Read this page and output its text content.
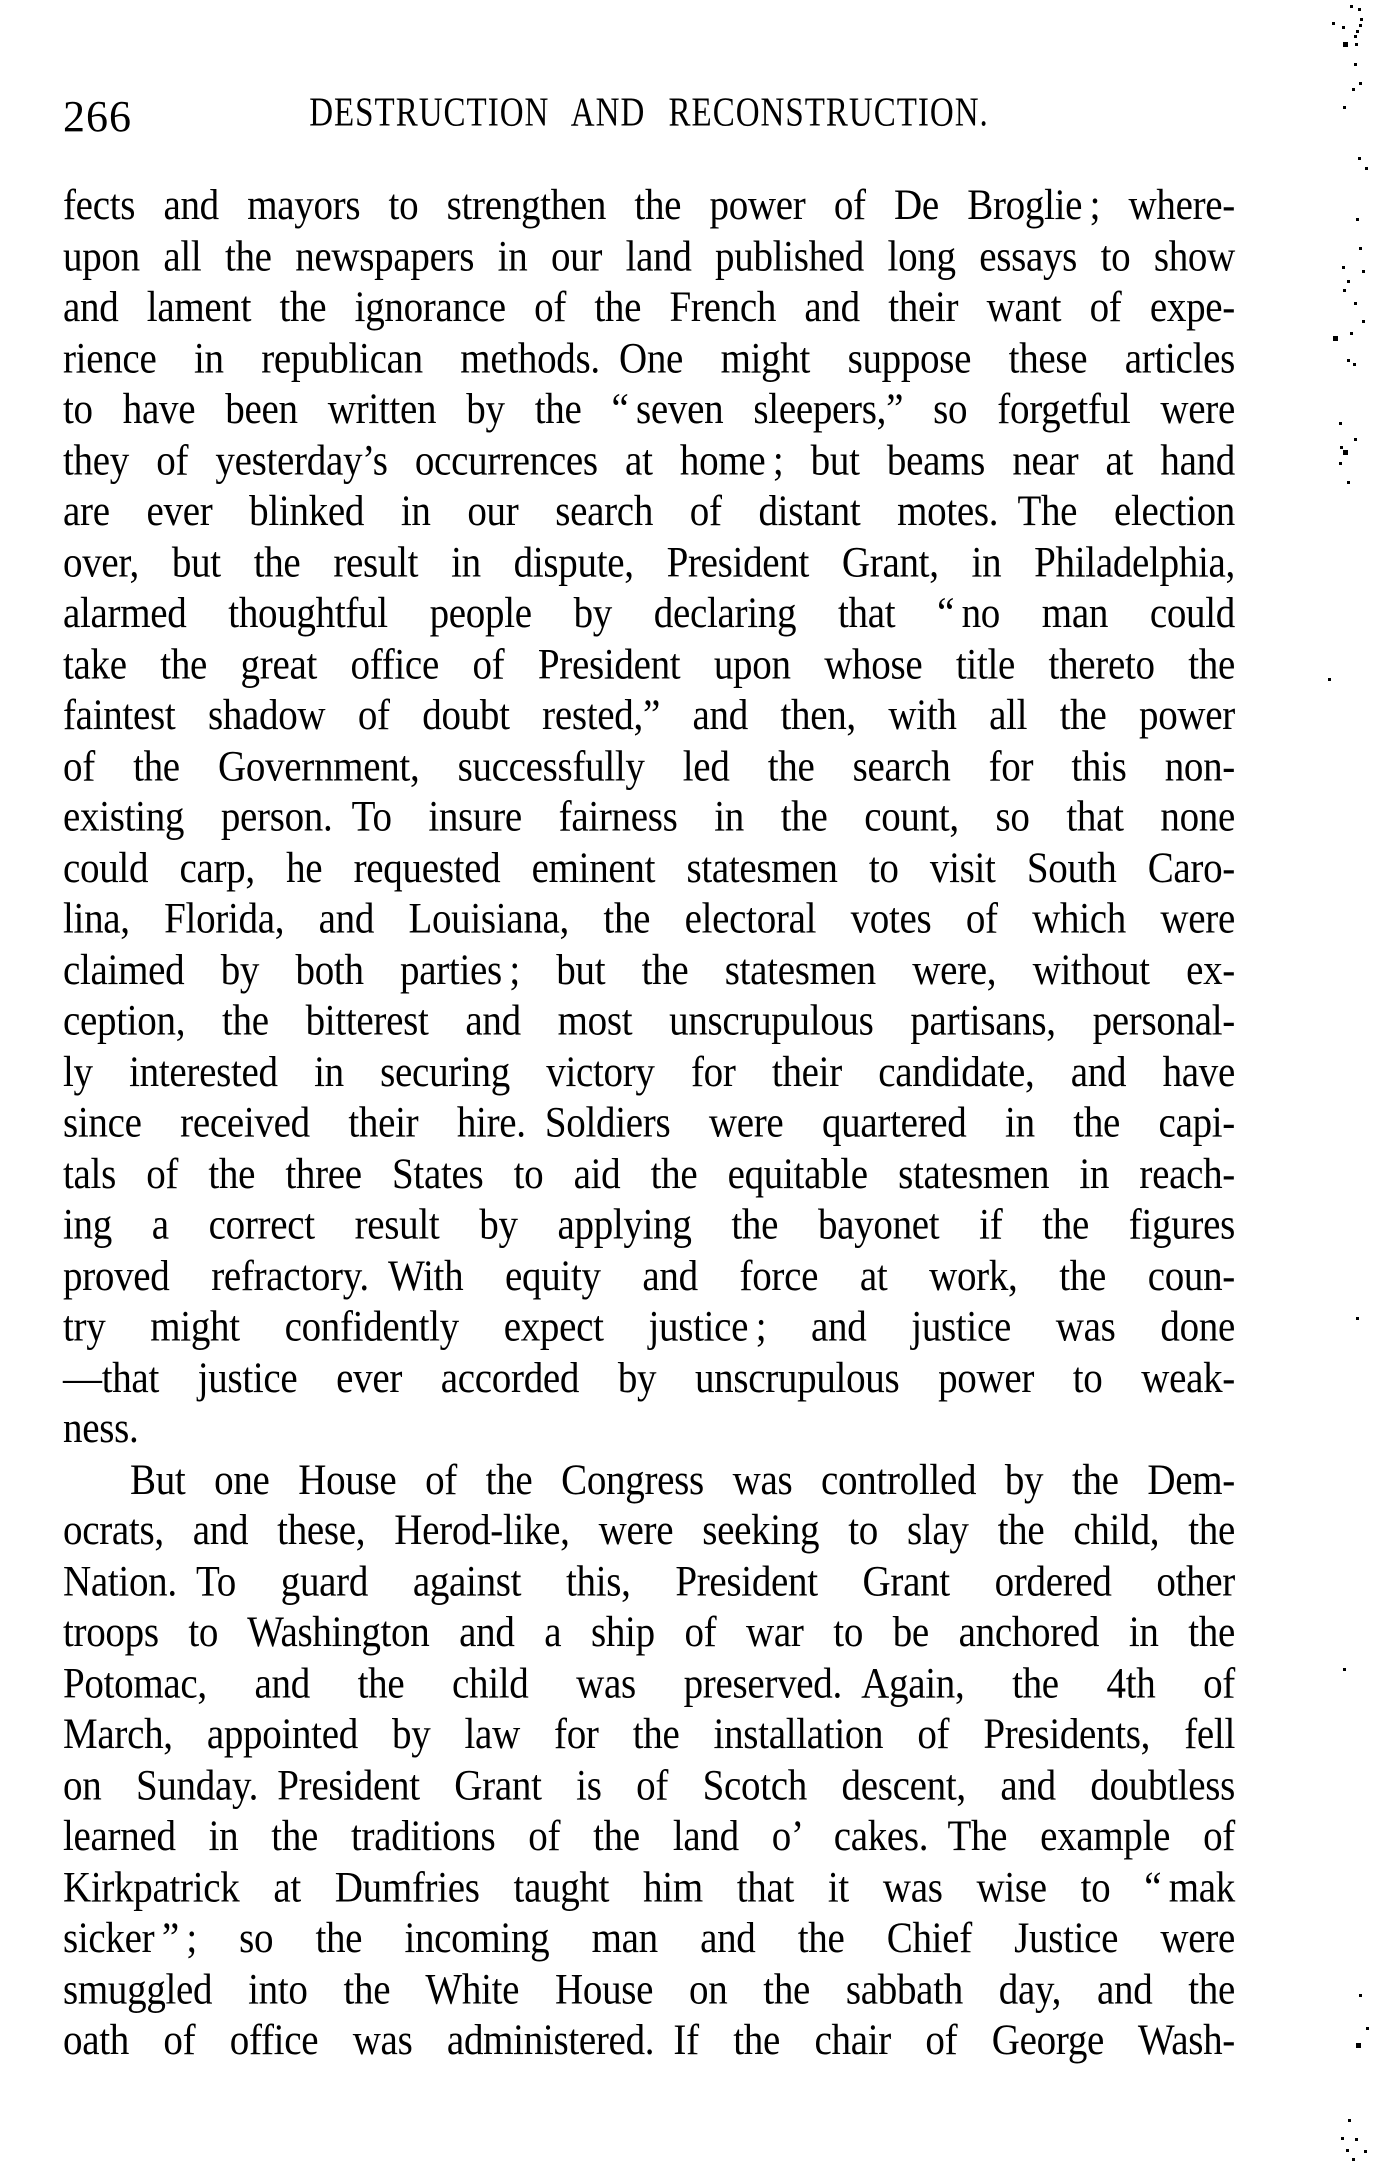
266	DESTRUCTION AND RECONSTRUCTION.
fects and mayors to strengthen the power of De Broglie ; where-
upon all the newspapers in our land published long essays to show
and lament the ignorance of the French and their want of expe-
rience in republican methods. One might suppose these articles
to have been written by the “ seven sleepers,” so forgetful were
they of yesterday’s occurrences at home ; but beams near at hand
are ever blinked in our search of distant motes. The election
over, but the result in dispute, President Grant, in Philadelphia,
alarmed thoughtful people by declaring that “ no man could
take the great office of President upon whose title thereto the
faintest shadow of doubt rested,” and then, with all the power
of the Government, successfully led the search for this non-
existing person. To insure fairness in the count, so that none
could carp, he requested eminent statesmen to visit South Caro-
lina, Florida, and Louisiana, the electoral votes of which were
claimed by both parties ; but the statesmen were, without ex-
ception, the bitterest and most unscrupulous partisans, personal-
ly interested in securing victory for their candidate, and have
since received their hire. Soldiers were quartered in the capi-
tals of the three States to aid the equitable statesmen in reach-
ing a correct result by applying the bayonet if the figures
proved refractory. With equity and force at work, the coun-
try might confidently expect justice ; and justice was done
—that justice ever accorded by unscrupulous power to weak-
ness.
But one House of the Congress was controlled by the Dem-
ocrats, and these, Herod-like, were seeking to slay the child, the
Nation. To guard against this, President Grant ordered other
troops to Washington and a ship of war to be anchored in the
Potomac, and the child was preserved. Again, the 4th of
March, appointed by law for the installation of Presidents, fell
on Sunday. President Grant is of Scotch descent, and doubtless
learned in the traditions of the land o’ cakes. The example of
Kirkpatrick at Dumfries taught him that it was wise to “ mak
sicker ” ; so the incoming man and the Chief Justice were
smuggled into the White House on the sabbath day, and the
oath of office was administered. If the chair of George Wash-
